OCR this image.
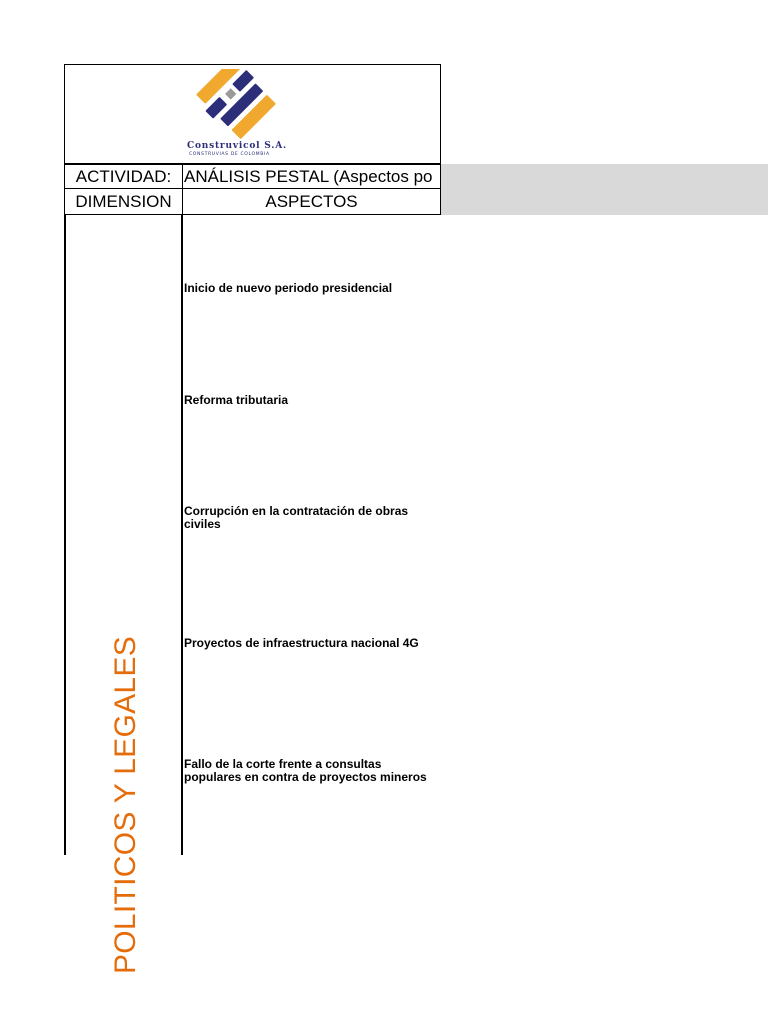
Construvicol S.A.
CONSTRUVIAS DE COLOMBIA
ACTIVIDAD: ANÁLISIS PESTAL (Aspectos po
DIMENSION	ASPECTOS
POLITICOS Y LEGALES
Inicio de nuevo periodo presidencial
Reforma tributaria
Corrupción en la contratación de obras civiles
Proyectos de infraestructura nacional 4G
Fallo de la corte frente a consultas populares en contra de proyectos mineros
